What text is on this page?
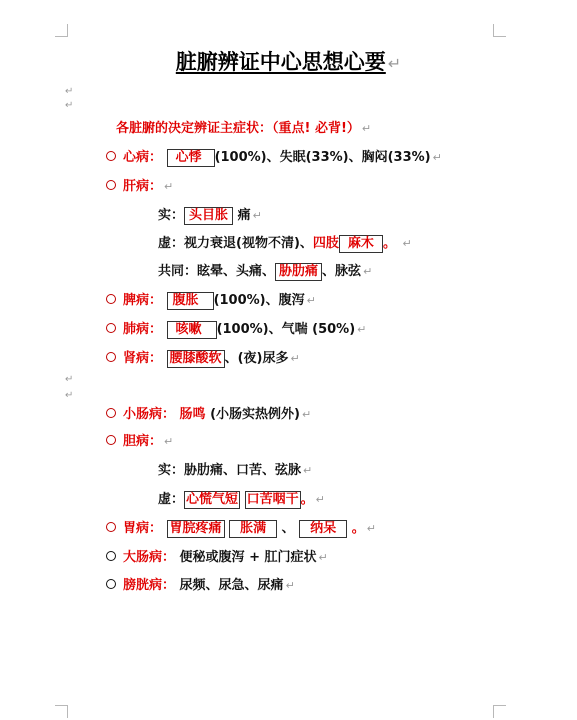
脏腑辨证中心思想心要 ↵
↵
↵
各脏腑的决定辨证主症状：（重点! 必背!） ↵
心病： 心悸 (100%)、失眠(33%)、胸闷(33%) ↵
肝病： ↵
实： 头目胀 痛 ↵
虚：视力衰退(视物不清)、四肢 麻木 。 ↵
共同：眩晕、头痛、 胁肋痛 、脉弦 ↵
脾病： 腹胀 (100%)、腹泻 ↵
肺病： 咳嗽 (100%)、气喘 (50%) ↵
肾病： 腰膝酸软 、(夜)尿多 ↵
↵
↵
小肠病： 肠鸣 (小肠实热例外) ↵
胆病： ↵
实：胁肋痛、口苦、弦脉 ↵
虚： 心慌气短 口苦咽干 。 ↵
胃病： 胃脘疼痛 胀满 、 纳呆 。 ↵
大肠病： 便秘或腹泻 + 肛门症状 ↵
膀胱病： 尿频、尿急、尿痛 ↵
